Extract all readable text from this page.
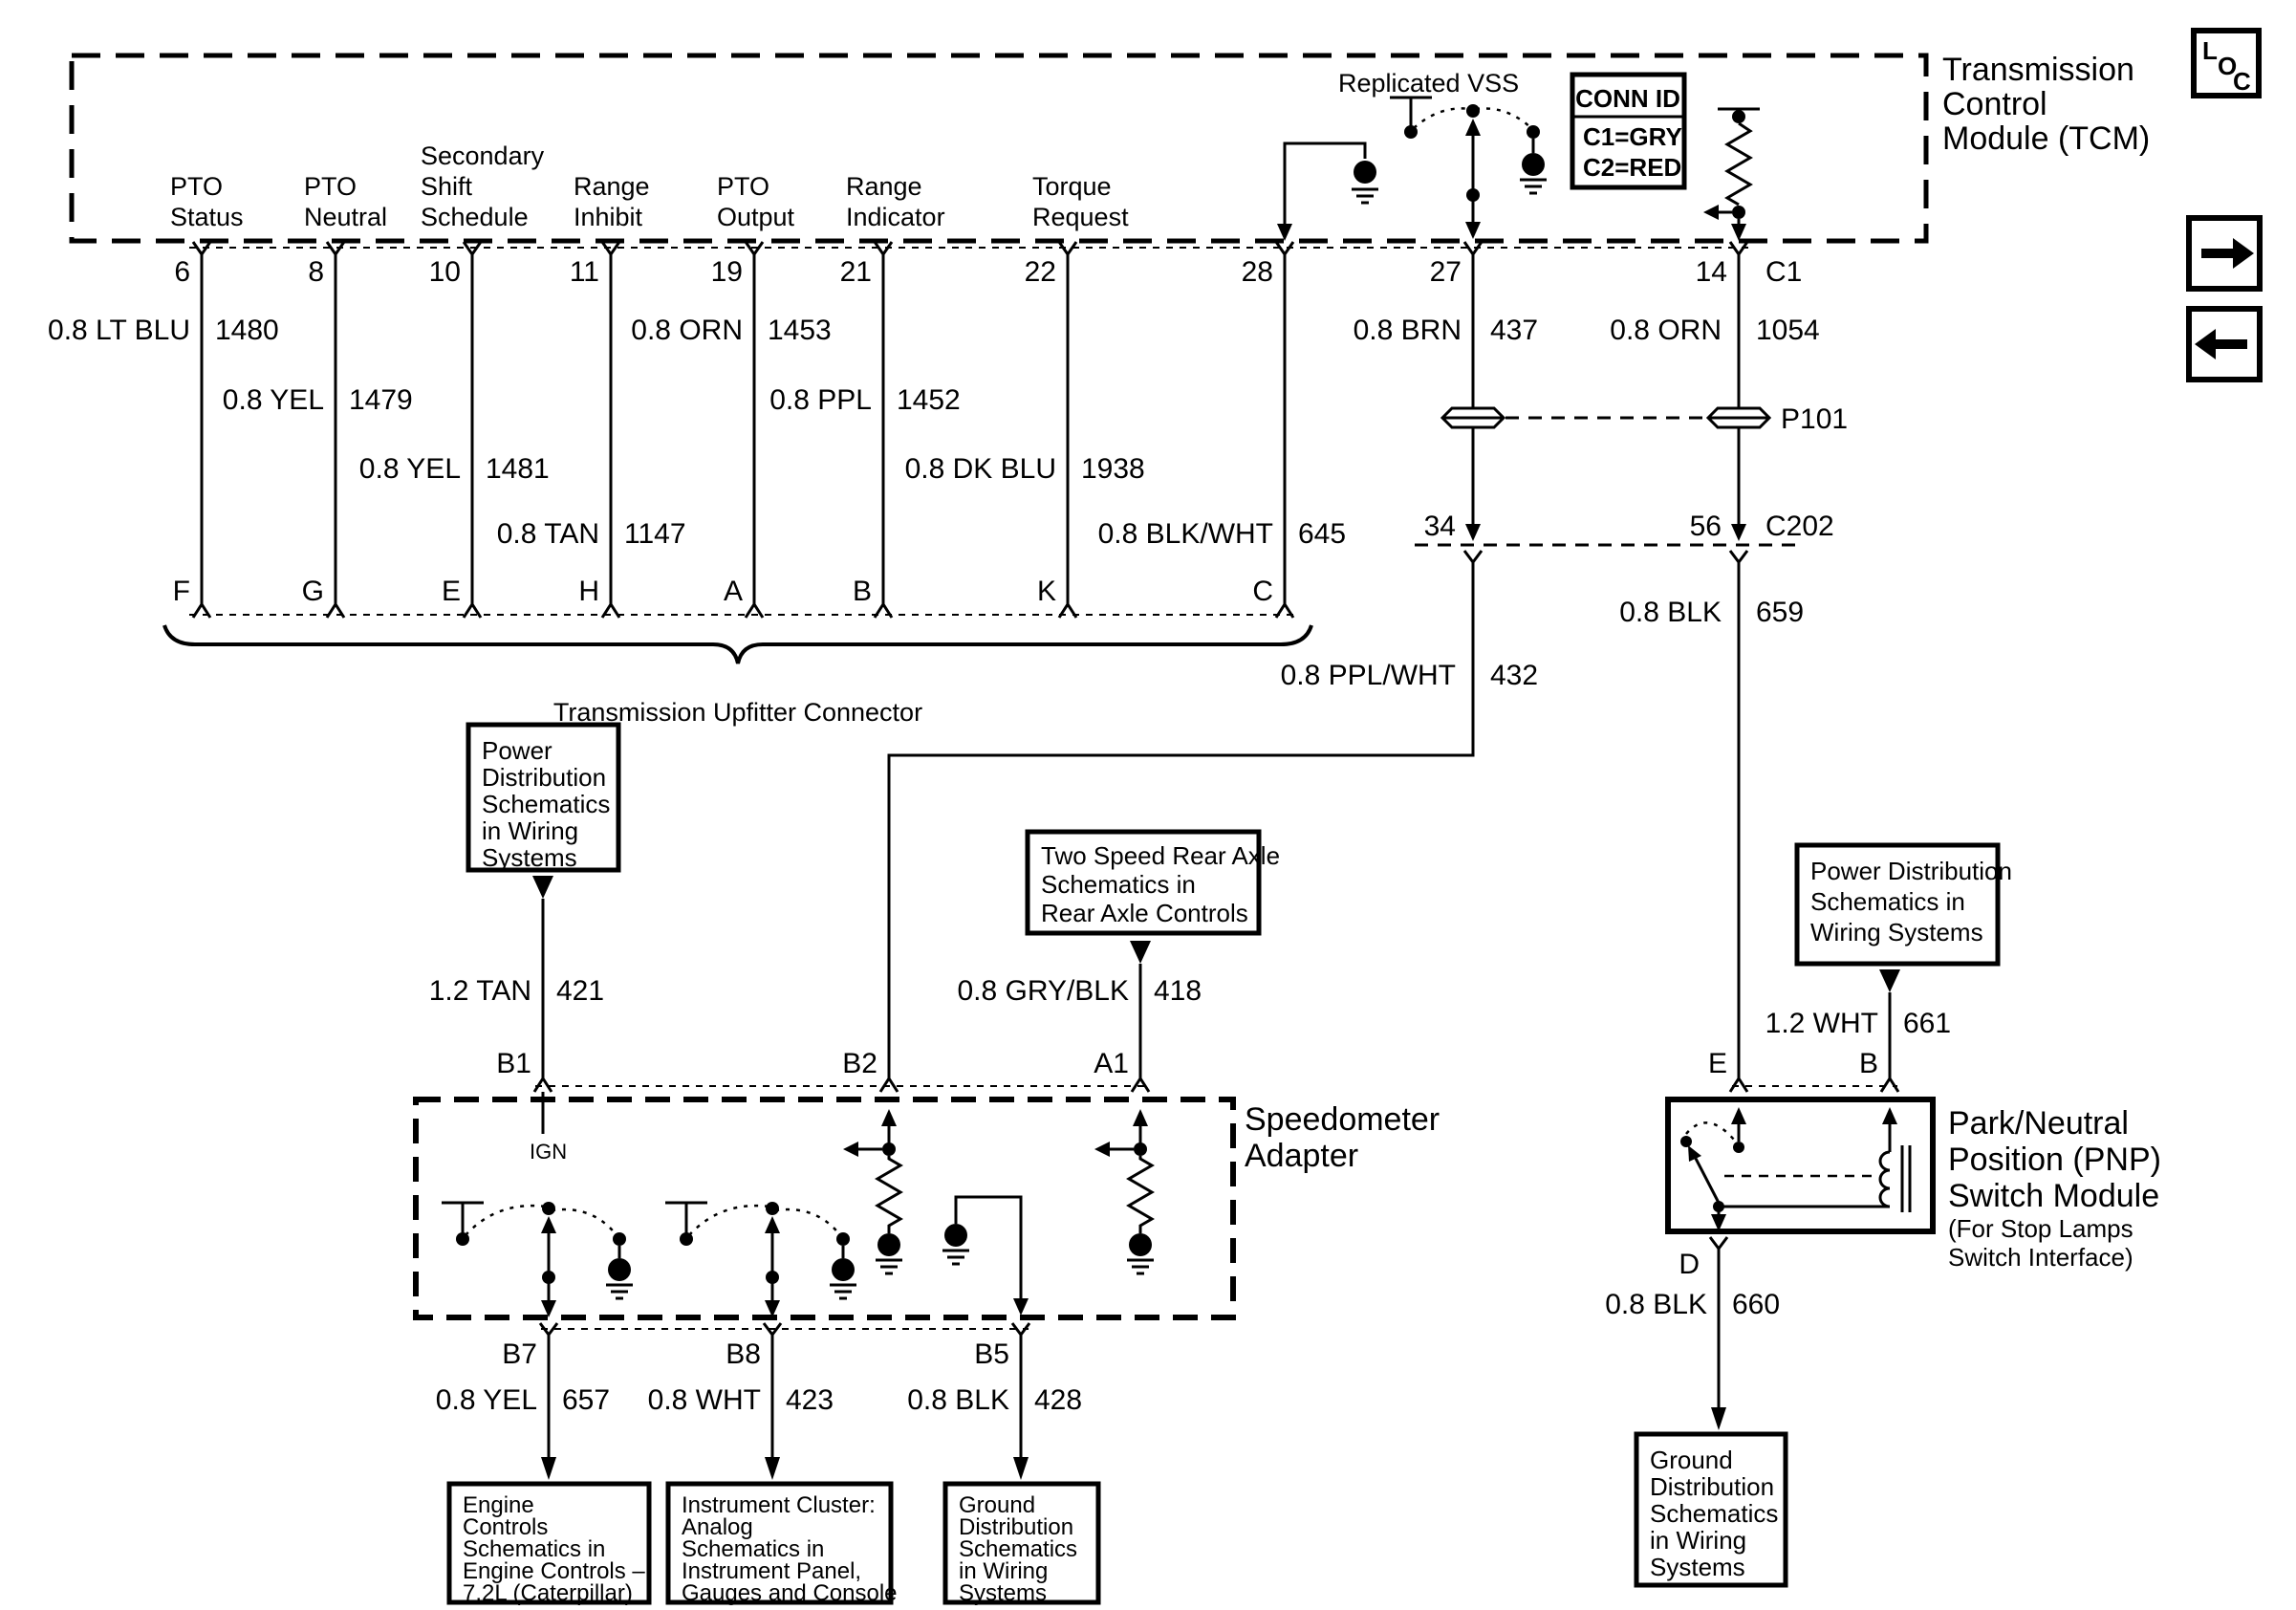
Transmission
Control
Module (TCM)
L
O
C
Replicated VSS
CONN ID
C1=GRY
C2=RED
PTO
Status
PTO
Neutral
Secondary
Shift
Schedule
Range
Inhibit
PTO
Output
Range
Indicator
Torque
Request
6	8	10	11	19	21	22	28	27	14 C1
0.8 LT BLU 1480
0.8 YEL 1479
0.8 YEL 1481
0.8 TAN 1147
0.8 ORN 1453
0.8 PPL 1452
0.8 DK BLU 1938
0.8 BLK/WHT 645
F	G	E	H	A	B	K	C
Transmission Upfitter Connector
0.8 BRN 437	0.8 ORN 1054
P101
34	56 C202
0.8 PPL/WHT 432
0.8 BLK 659
Power
Distribution
Schematics
in Wiring
Systems
1.2 TAN 421
Two Speed Rear Axle
Schematics in
Rear Axle Controls
0.8 GRY/BLK 418
Power Distribution
Schematics in
Wiring Systems
1.2 WHT 661
B1	B2	A1
Speedometer
Adapter
IGN
B7	B8	B5
0.8 YEL 657 0.8 WHT 423	0.8 BLK 428
Engine
Controls
Schematics in
Engine Controls –
7.2L (Caterpillar)
Instrument Cluster:
Analog
Schematics in
Instrument Panel,
Gauges and Console
Ground
Distribution
Schematics
in Wiring
Systems
E	B
Park/Neutral
Position (PNP)
Switch Module
(For Stop Lamps
Switch Interface)
D
0.8 BLK 660
Ground
Distribution
Schematics
in Wiring
Systems
